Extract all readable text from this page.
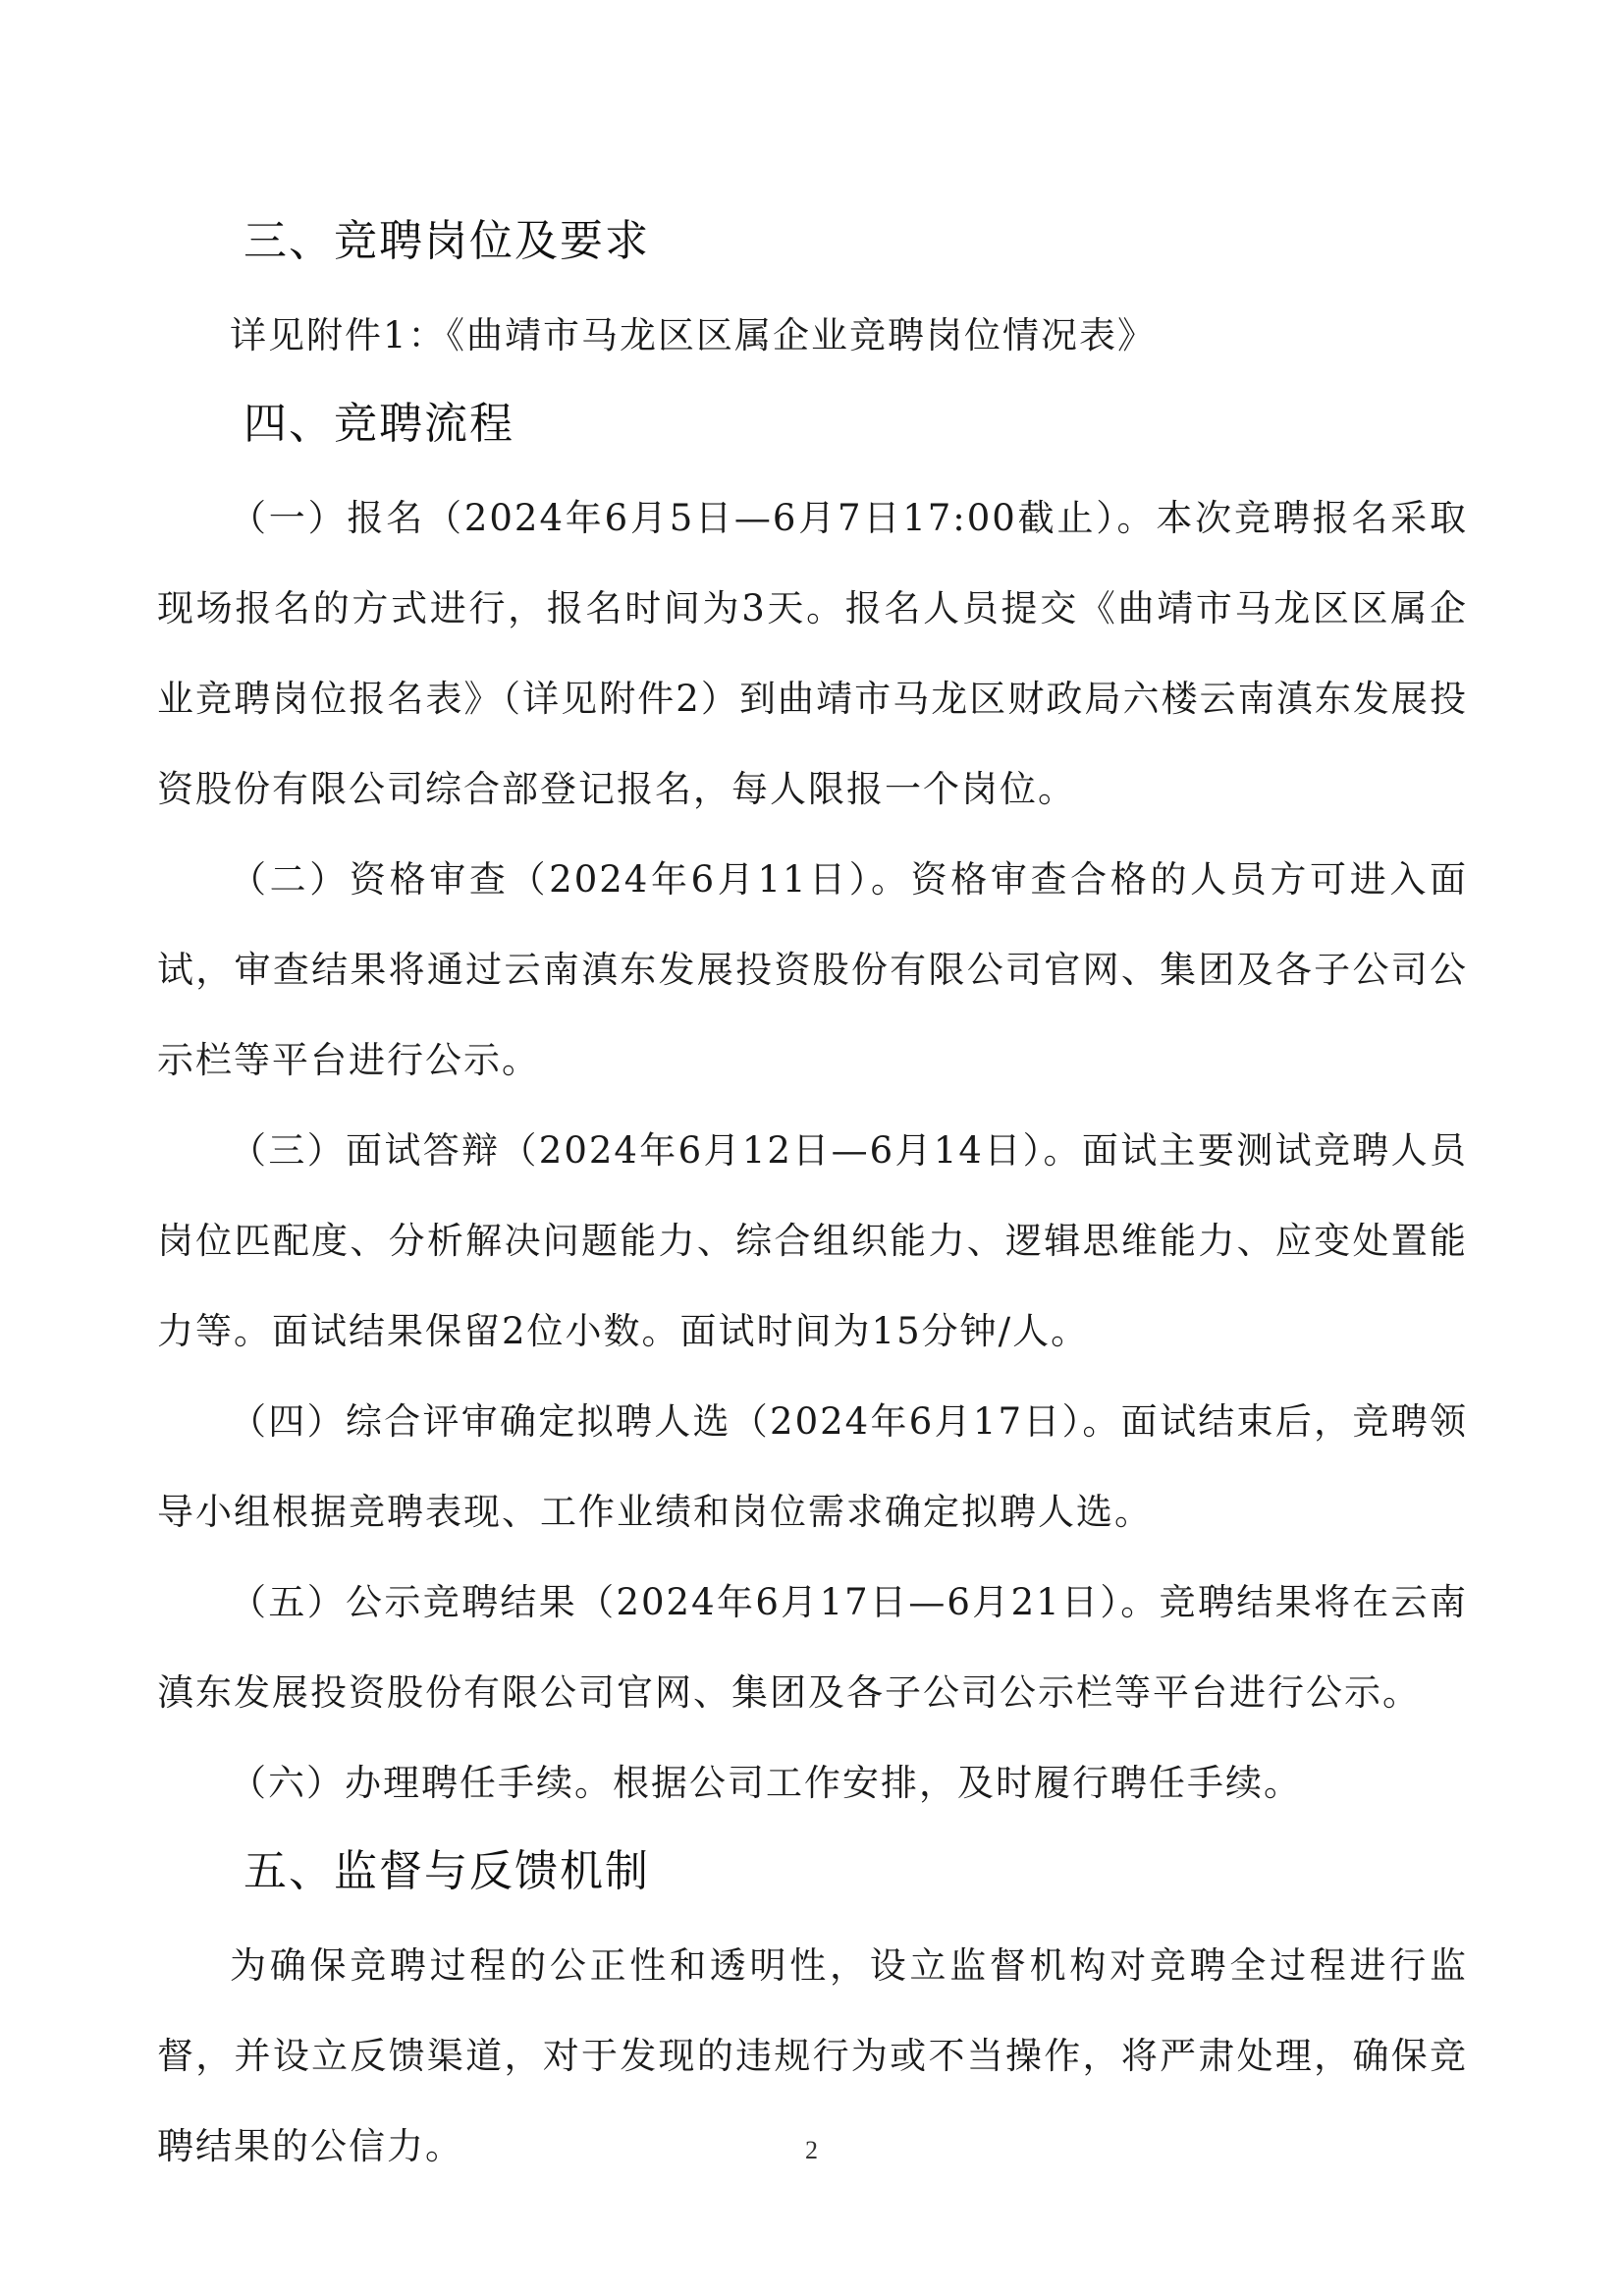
三、竞聘岗位及要求

详见附件1：《曲靖市马龙区区属企业竞聘岗位情况表》

四、竞聘流程

（一）报名（2024年6月5日—6月7日17:00截止）。本次竞聘报名采取现场报名的方式进行，报名时间为3天。报名人员提交《曲靖市马龙区区属企业竞聘岗位报名表》（详见附件2）到曲靖市马龙区财政局六楼云南滇东发展投资股份有限公司综合部登记报名，每人限报一个岗位。

（二）资格审查（2024年6月11日）。资格审查合格的人员方可进入面试，审查结果将通过云南滇东发展投资股份有限公司官网、集团及各子公司公示栏等平台进行公示。

（三）面试答辩（2024年6月12日—6月14日）。面试主要测试竞聘人员岗位匹配度、分析解决问题能力、综合组织能力、逻辑思维能力、应变处置能力等。面试结果保留2位小数。面试时间为15分钟/人。

（四）综合评审确定拟聘人选（2024年6月17日）。面试结束后，竞聘领导小组根据竞聘表现、工作业绩和岗位需求确定拟聘人选。

（五）公示竞聘结果（2024年6月17日—6月21日）。竞聘结果将在云南滇东发展投资股份有限公司官网、集团及各子公司公示栏等平台进行公示。

（六）办理聘任手续。根据公司工作安排，及时履行聘任手续。

五、监督与反馈机制

为确保竞聘过程的公正性和透明性，设立监督机构对竞聘全过程进行监督，并设立反馈渠道，对于发现的违规行为或不当操作，将严肃处理，确保竞聘结果的公信力。	2
